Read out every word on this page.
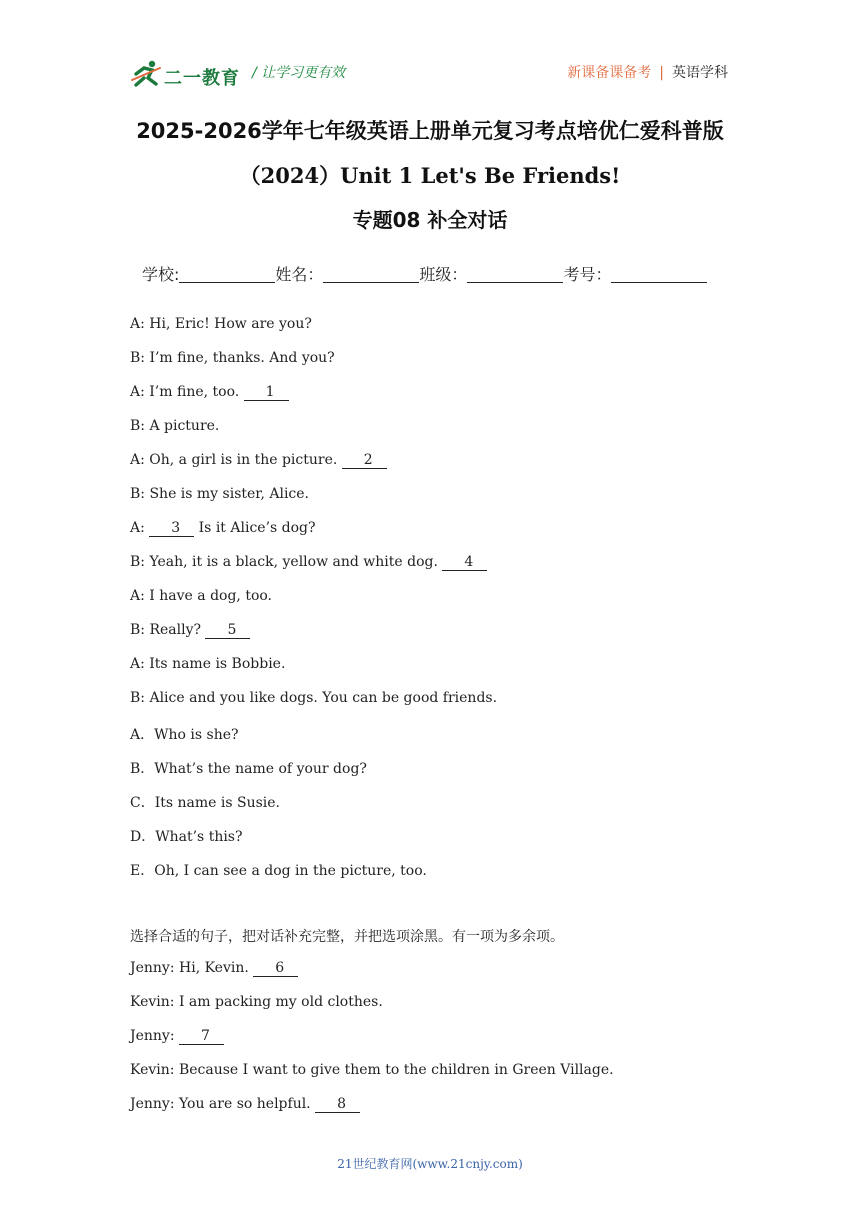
二一教育 / 让学习更有效	新课备课备考 | 英语学科
2025-2026学年七年级英语上册单元复习考点培优仁爱科普版
（2024）Unit 1 Let's Be Friends!
专题08 补全对话
学校:	姓名：	班级：	考号：
A: Hi, Eric! How are you?
B: I’m fine, thanks. And you?
A: I’m fine, too. 1
B: A picture.
A: Oh, a girl is in the picture. 2
B: She is my sister, Alice.
A: 3 Is it Alice’s dog?
B: Yeah, it is a black, yellow and white dog. 4
A: I have a dog, too.
B: Really? 5
A: Its name is Bobbie.
B: Alice and you like dogs. You can be good friends.
A．Who is she?
B．What’s the name of your dog?
C．Its name is Susie.
D．What’s this?
E．Oh, I can see a dog in the picture, too.
选择合适的句子，把对话补充完整，并把选项涂黑。有一项为多余项。
Jenny: Hi, Kevin. 6
Kevin: I am packing my old clothes.
Jenny: 7
Kevin: Because I want to give them to the children in Green Village.
Jenny: You are so helpful. 8
21世纪教育网(www.21cnjy.com)
